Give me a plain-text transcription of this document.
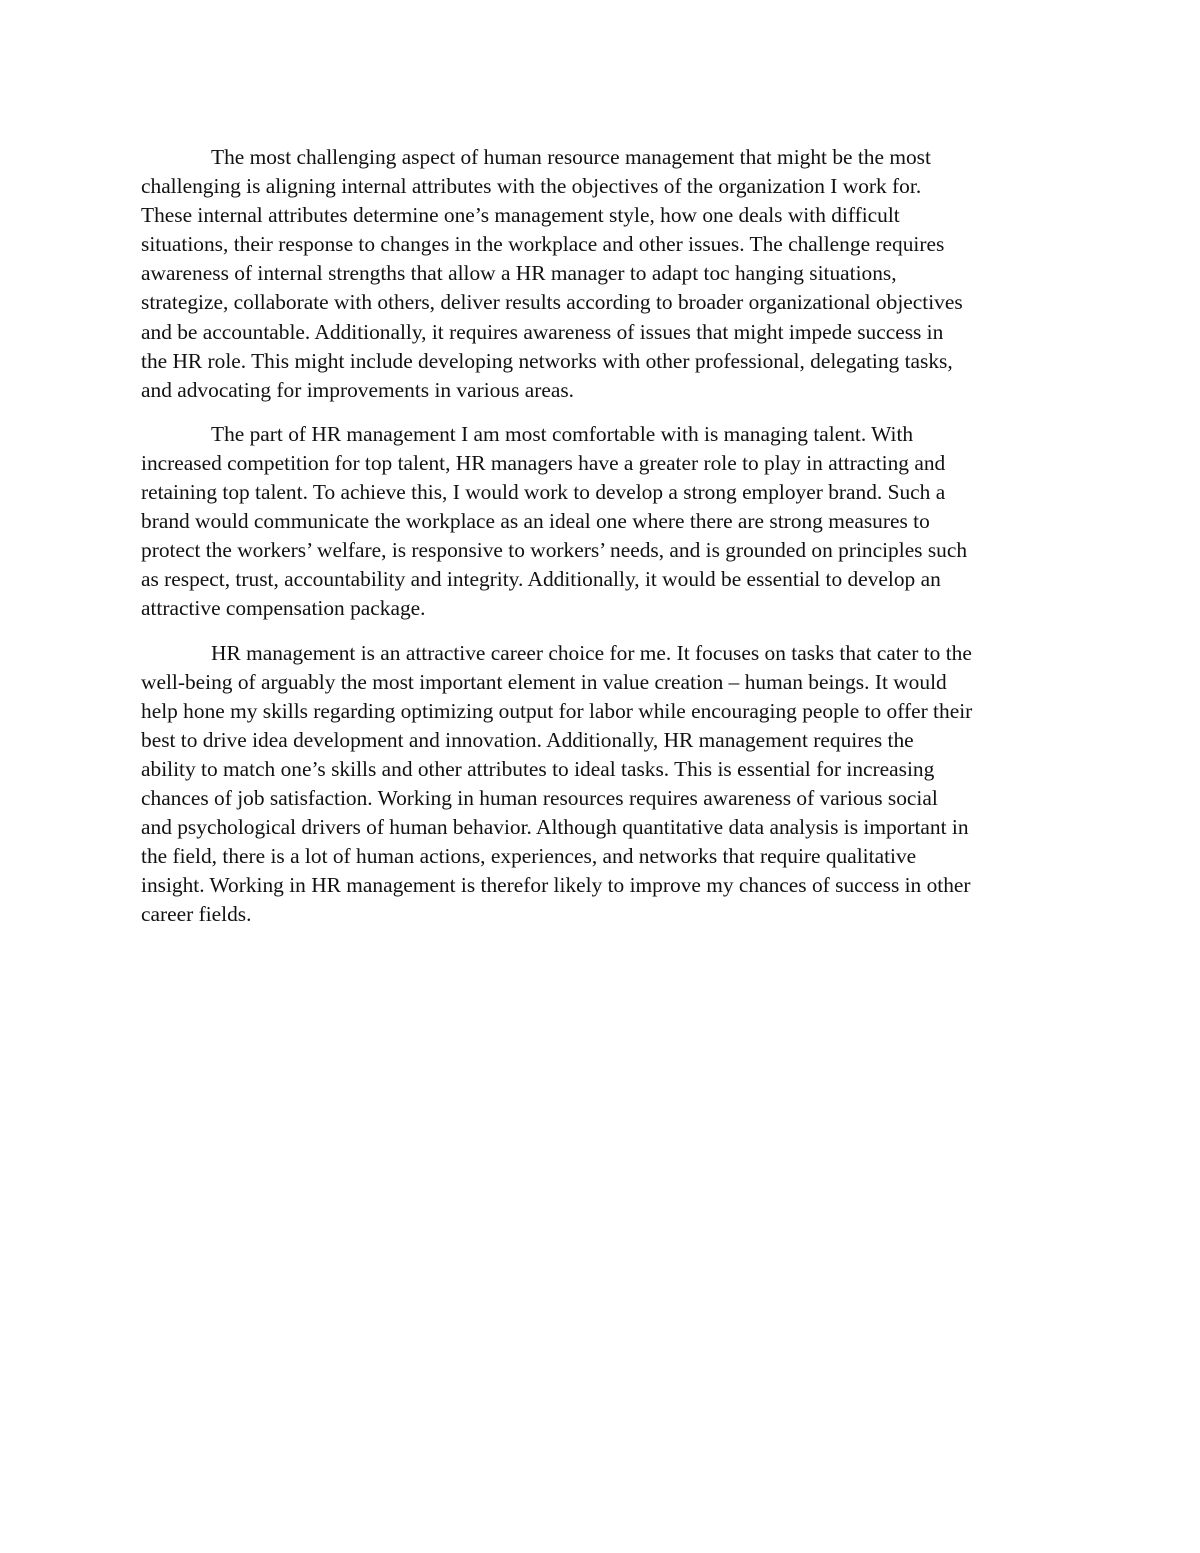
The most challenging aspect of human resource management that might be the most
challenging is aligning internal attributes with the objectives of the organization I work for.
These internal attributes determine one’s management style, how one deals with difficult
situations, their response to changes in the workplace and other issues. The challenge requires
awareness of internal strengths that allow a HR manager to adapt toc hanging situations,
strategize, collaborate with others, deliver results according to broader organizational objectives
and be accountable. Additionally, it requires awareness of issues that might impede success in
the HR role. This might include developing networks with other professional, delegating tasks,
and advocating for improvements in various areas.
The part of HR management I am most comfortable with is managing talent. With
increased competition for top talent, HR managers have a greater role to play in attracting and
retaining top talent. To achieve this, I would work to develop a strong employer brand. Such a
brand would communicate the workplace as an ideal one where there are strong measures to
protect the workers’ welfare, is responsive to workers’ needs, and is grounded on principles such
as respect, trust, accountability and integrity. Additionally, it would be essential to develop an
attractive compensation package.
HR management is an attractive career choice for me. It focuses on tasks that cater to the
well-being of arguably the most important element in value creation – human beings. It would
help hone my skills regarding optimizing output for labor while encouraging people to offer their
best to drive idea development and innovation. Additionally, HR management requires the
ability to match one’s skills and other attributes to ideal tasks. This is essential for increasing
chances of job satisfaction. Working in human resources requires awareness of various social
and psychological drivers of human behavior. Although quantitative data analysis is important in
the field, there is a lot of human actions, experiences, and networks that require qualitative
insight. Working in HR management is therefor likely to improve my chances of success in other
career fields.
